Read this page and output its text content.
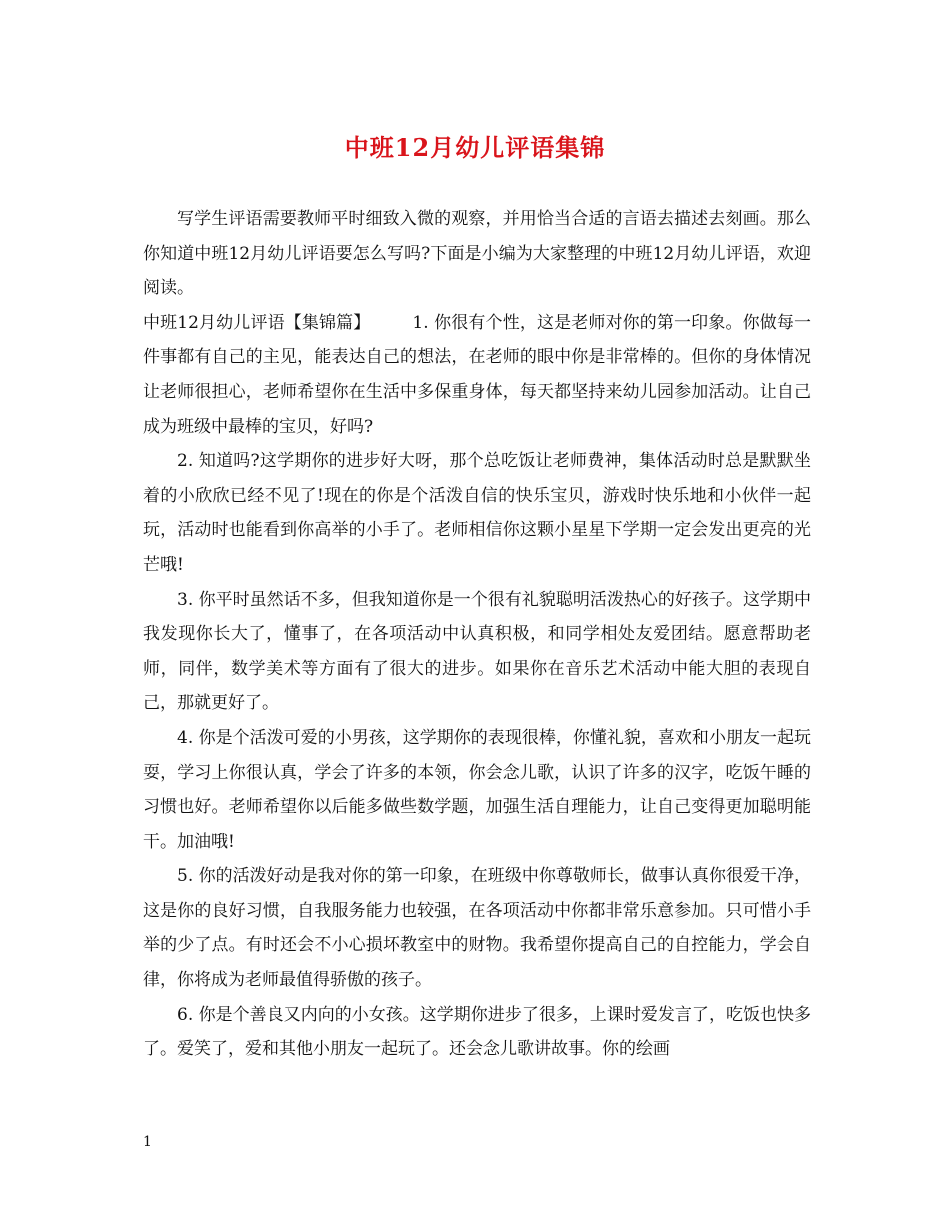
中班12月幼儿评语集锦

写学生评语需要教师平时细致入微的观察，并用恰当合适的言语去描述去刻画。那么你知道中班12月幼儿评语要怎么写吗?下面是小编为大家整理的中班12月幼儿评语，欢迎阅读。

中班12月幼儿评语【集锦篇】 1. 你很有个性，这是老师对你的第一印象。你做每一件事都有自己的主见，能表达自己的想法，在老师的眼中你是非常棒的。但你的身体情况让老师很担心，老师希望你在生活中多保重身体，每天都坚持来幼儿园参加活动。让自己成为班级中最棒的宝贝，好吗?

2. 知道吗?这学期你的进步好大呀，那个总吃饭让老师费神，集体活动时总是默默坐着的小欣欣已经不见了!现在的你是个活泼自信的快乐宝贝，游戏时快乐地和小伙伴一起玩，活动时也能看到你高举的小手了。老师相信你这颗小星星下学期一定会发出更亮的光芒哦!

3. 你平时虽然话不多，但我知道你是一个很有礼貌聪明活泼热心的好孩子。这学期中我发现你长大了，懂事了，在各项活动中认真积极，和同学相处友爱团结。愿意帮助老师，同伴，数学美术等方面有了很大的进步。如果你在音乐艺术活动中能大胆的表现自己，那就更好了。

4. 你是个活泼可爱的小男孩，这学期你的表现很棒，你懂礼貌，喜欢和小朋友一起玩耍，学习上你很认真，学会了许多的本领，你会念儿歌，认识了许多的汉字，吃饭午睡的习惯也好。老师希望你以后能多做些数学题，加强生活自理能力，让自己变得更加聪明能干。加油哦!

5. 你的活泼好动是我对你的第一印象，在班级中你尊敬师长，做事认真你很爱干净，这是你的良好习惯，自我服务能力也较强，在各项活动中你都非常乐意参加。只可惜小手举的少了点。有时还会不小心损坏教室中的财物。我希望你提高自己的自控能力，学会自律，你将成为老师最值得骄傲的孩子。

6. 你是个善良又内向的小女孩。这学期你进步了很多，上课时爱发言了，吃饭也快多了。爱笑了，爱和其他小朋友一起玩了。还会念儿歌讲故事。你的绘画

1
